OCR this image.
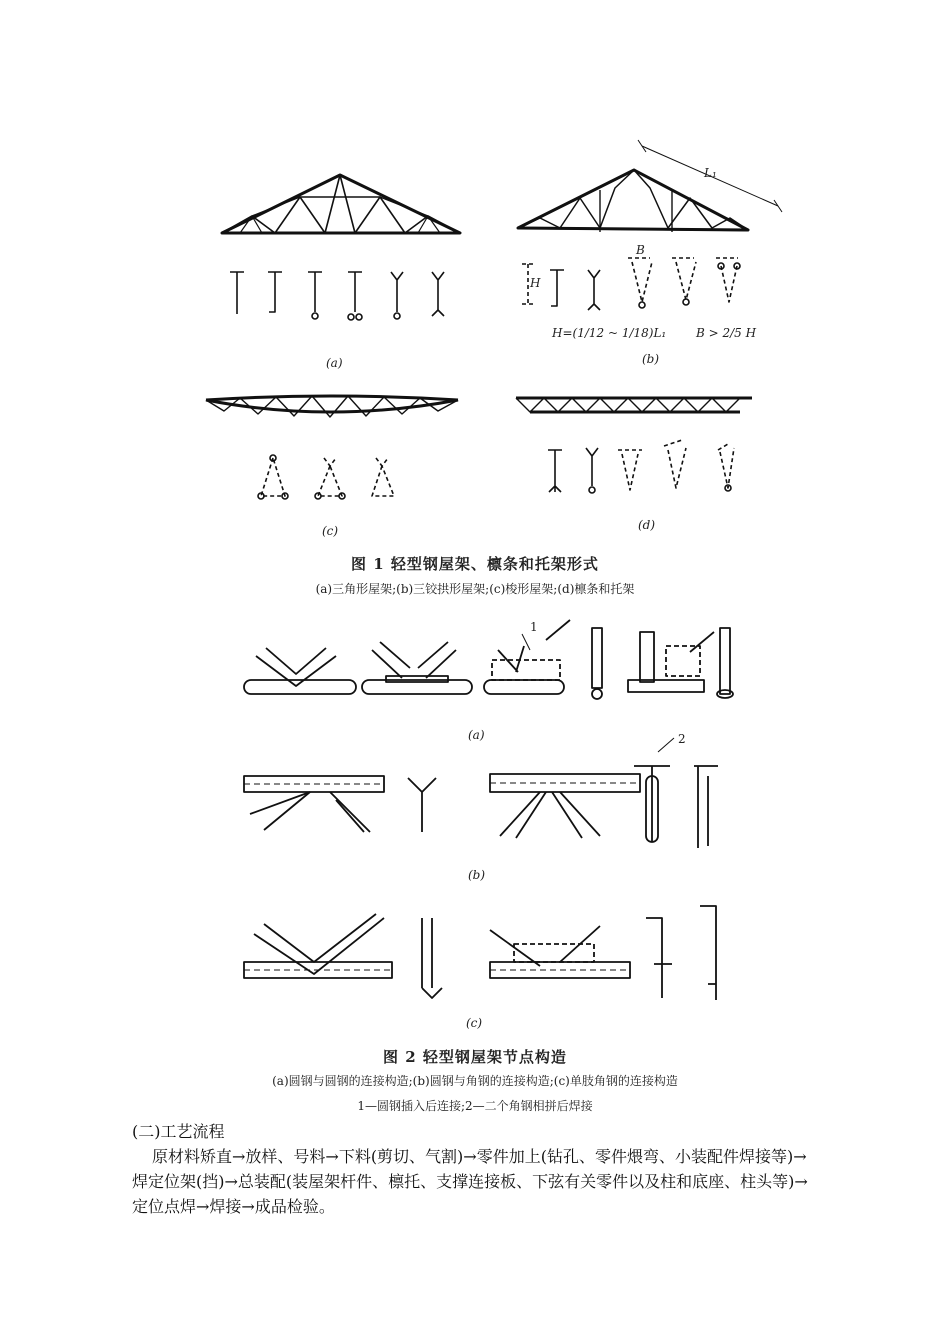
(a)	(b)
(c)	(d)
L₁
B
H
H=(1/12 ~ 1/18)L₁ B > 2/5 H
图 1 轻型钢屋架、檩条和托架形式
(a)三角形屋架;(b)三铰拱形屋架;(c)梭形屋架;(d)檩条和托架
(a)
(b)
(c)
1
2
图 2 轻型钢屋架节点构造
(a)圆钢与圆钢的连接构造;(b)圆钢与角钢的连接构造;(c)单肢角钢的连接构造
1—圆钢插入后连接;2—二个角钢相拼后焊接
(二)工艺流程
原材料矫直→放样、号料→下料(剪切、气割)→零件加上(钻孔、零件煨弯、小装配件焊接等)→焊定位架(挡)→总装配(装屋架杆件、檩托、支撑连接板、下弦有关零件以及柱和底座、柱头等)→定位点焊→焊接→成品检验。
